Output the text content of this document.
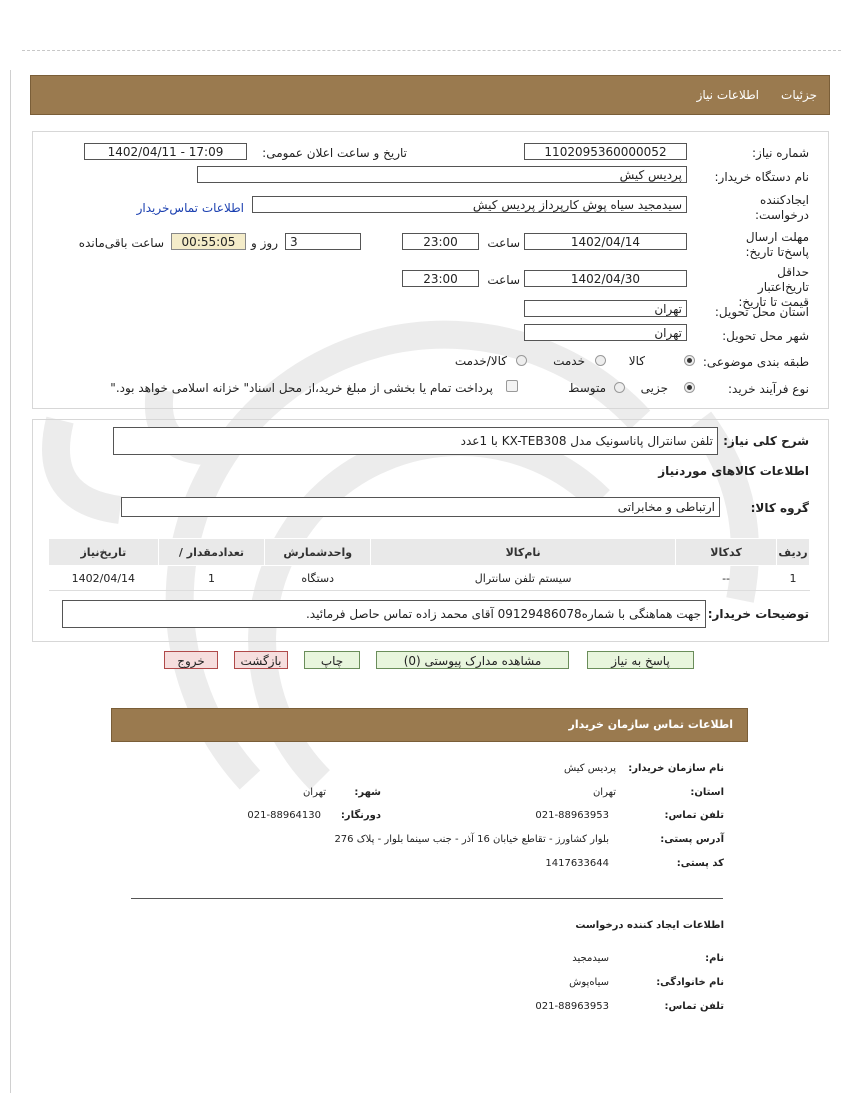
جزئیات
اطلاعات نیاز
شماره نیاز:
1102095360000052
تاریخ و ساعت اعلان عمومی:
1402/04/11 - 17:09
نام دستگاه خریدار:
پردیس کیش
ایجادکننده درخواست:
سیدمجید سیاه پوش کارپرداز پردیس کیش
اطلاعات تماس‌خریدار
مهلت ارسال پاسخ‌تا تاریخ:
1402/04/14
ساعت
23:00
3
روز و
00:55:05
ساعت باقی‌مانده
حداقل تاریخ‌اعتبار قیمت تا تاریخ:
1402/04/30
ساعت
23:00
استان محل تحویل:
تهران
شهر محل تحویل:
تهران
طبقه بندی موضوعی:
کالا
خدمت
کالا/خدمت
نوع فرآیند خرید:
جزیی
متوسط
پرداخت تمام یا بخشی از مبلغ خرید،از محل اسناد" خزانه اسلامی خواهد بود."
شرح کلی نیاز:
تلفن سانترال پاناسونیک مدل KX-TEB308 با 1عدد
اطلاعات کالاهای مورد‌نیاز
گروه کالا:
ارتباطی و مخابراتی
ردیف	کدکالا	نام‌کالا	واحدشمارش	تعدادمقدار /	تاریخ‌نیاز
1	--	سیستم تلفن سانترال	دستگاه	1	1402/04/14
توضیحات خریدار:
جهت هماهنگی با شماره09129486078 آقای محمد زاده تماس حاصل فرمائید.
پاسخ به نیاز
مشاهده مدارک پیوستی (0)
چاپ
بازگشت
خروج
اطلاعات تماس سازمان خریدار
نام سازمان خریدار:
پردیس کیش
استان:
تهران
شهر:
تهران
تلفن تماس:
021-88963953
دورنگار:
021-88964130
آدرس پستی:
بلوار کشاورز - تقاطع خیابان 16 آذر - جنب سینما بلوار - پلاک 276
کد پستی:
1417633644
اطلاعات ایجاد کننده درخواست
نام:
سیدمجید
نام خانوادگی:
سیاه‌پوش
تلفن تماس:
021-88963953
